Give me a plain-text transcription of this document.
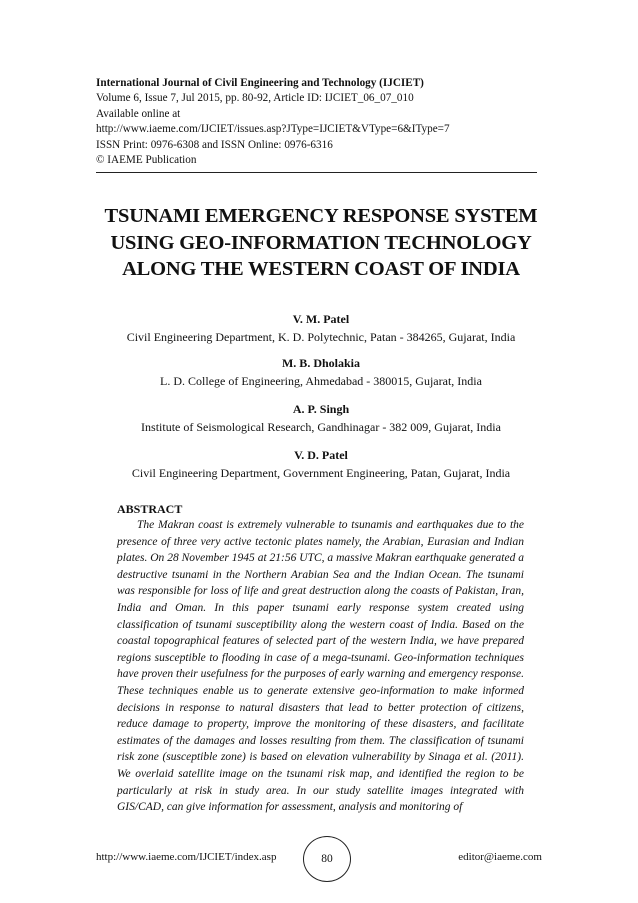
International Journal of Civil Engineering and Technology (IJCIET)
Volume 6, Issue 7, Jul 2015, pp. 80-92, Article ID: IJCIET_06_07_010
Available online at
http://www.iaeme.com/IJCIET/issues.asp?JType=IJCIET&VType=6&IType=7
ISSN Print: 0976-6308 and ISSN Online: 0976-6316
© IAEME Publication
TSUNAMI EMERGENCY RESPONSE SYSTEM USING GEO-INFORMATION TECHNOLOGY ALONG THE WESTERN COAST OF INDIA
V. M. Patel
Civil Engineering Department, K. D. Polytechnic, Patan - 384265, Gujarat, India
M. B. Dholakia
L. D. College of Engineering, Ahmedabad - 380015, Gujarat, India
A. P. Singh
Institute of Seismological Research, Gandhinagar - 382 009, Gujarat, India
V. D. Patel
Civil Engineering Department, Government Engineering, Patan, Gujarat, India
ABSTRACT
The Makran coast is extremely vulnerable to tsunamis and earthquakes due to the presence of three very active tectonic plates namely, the Arabian, Eurasian and Indian plates. On 28 November 1945 at 21:56 UTC, a massive Makran earthquake generated a destructive tsunami in the Northern Arabian Sea and the Indian Ocean. The tsunami was responsible for loss of life and great destruction along the coasts of Pakistan, Iran, India and Oman. In this paper tsunami early response system created using classification of tsunami susceptibility along the western coast of India. Based on the coastal topographical features of selected part of the western India, we have prepared regions susceptible to flooding in case of a mega-tsunami. Geo-information techniques have proven their usefulness for the purposes of early warning and emergency response. These techniques enable us to generate extensive geo-information to make informed decisions in response to natural disasters that lead to better protection of citizens, reduce damage to property, improve the monitoring of these disasters, and facilitate estimates of the damages and losses resulting from them. The classification of tsunami risk zone (susceptible zone) is based on elevation vulnerability by Sinaga et al. (2011). We overlaid satellite image on the tsunami risk map, and identified the region to be particularly at risk in study area. In our study satellite images integrated with GIS/CAD, can give information for assessment, analysis and monitoring of
http://www.iaeme.com/IJCIET/index.asp	80	editor@iaeme.com
